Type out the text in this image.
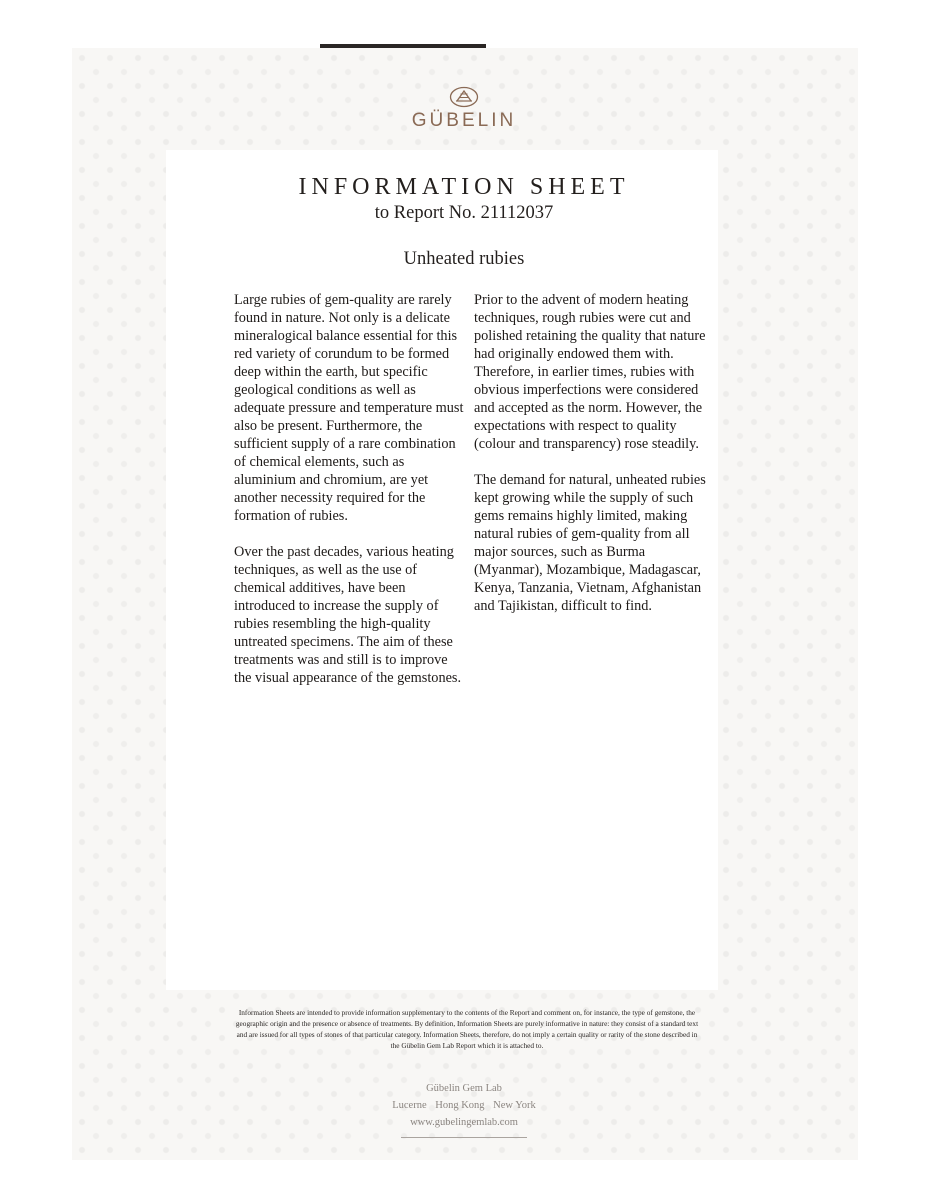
GÜBELIN
INFORMATION SHEET
to Report No. 21112037
Unheated rubies

Large rubies of gem-quality are rarely found in nature. Not only is a delicate mineralogical balance essential for this red variety of corundum to be formed deep within the earth, but specific geological conditions as well as adequate pressure and temperature must also be present. Furthermore, the sufficient supply of a rare combination of chemical elements, such as aluminium and chromium, are yet another necessity required for the formation of rubies.

Over the past decades, various heating techniques, as well as the use of chemical additives, have been introduced to increase the supply of rubies resembling the high-quality untreated specimens. The aim of these treatments was and still is to improve the visual appearance of the gemstones.

Prior to the advent of modern heating techniques, rough rubies were cut and polished retaining the quality that nature had originally endowed them with. Therefore, in earlier times, rubies with obvious imperfections were considered and accepted as the norm. However, the expectations with respect to quality (colour and transparency) rose steadily.

The demand for natural, unheated rubies kept growing while the supply of such gems remains highly limited, making natural rubies of gem-quality from all major sources, such as Burma (Myanmar), Mozambique, Madagascar, Kenya, Tanzania, Vietnam, Afghanistan and Tajikistan, difficult to find.

Information Sheets are intended to provide information supplementary to the contents of the Report and comment on, for instance, the type of gemstone, the geographic origin and the presence or absence of treatments. By definition, Information Sheets are purely informative in nature: they consist of a standard text and are issued for all types of stones of that particular category. Information Sheets, therefore, do not imply a certain quality or rarity of the stone described in the Gübelin Gem Lab Report which it is attached to.
Gübelin Gem Lab
Lucerne Hong Kong New York
www.gubelingemlab.com
